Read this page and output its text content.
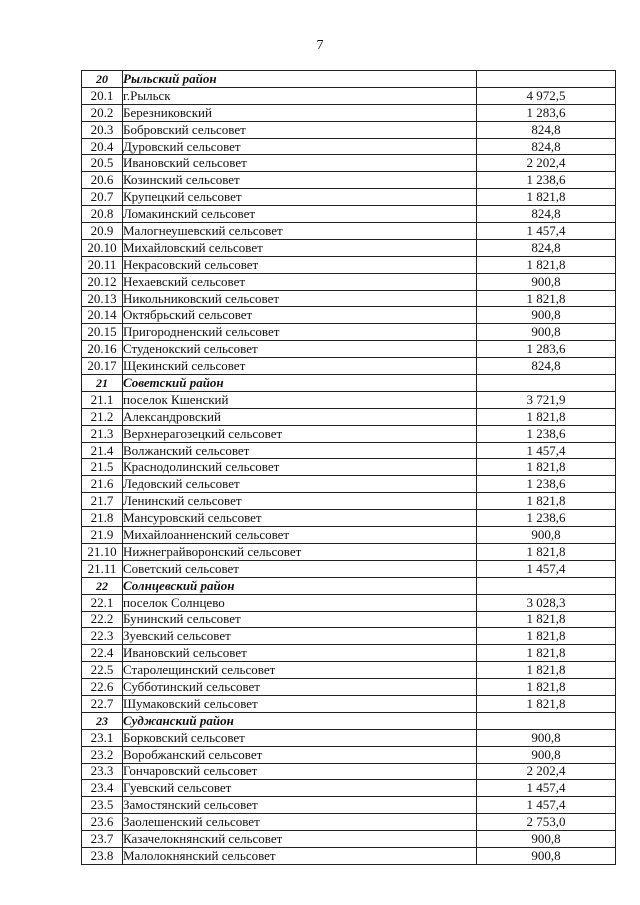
7
20	Рыльский район	
20.1	г.Рыльск	4 972,5
20.2	Березниковский	1 283,6
20.3	Бобровский сельсовет	824,8
20.4	Дуровский сельсовет	824,8
20.5	Ивановский сельсовет	2 202,4
20.6	Козинский сельсовет	1 238,6
20.7	Крупецкий сельсовет	1 821,8
20.8	Ломакинский сельсовет	824,8
20.9	Малогнеушевский сельсовет	1 457,4
20.10	Михайловский сельсовет	824,8
20.11	Некрасовский сельсовет	1 821,8
20.12	Нехаевский сельсовет	900,8
20.13	Никольниковский сельсовет	1 821,8
20.14	Октябрьский сельсовет	900,8
20.15	Пригородненский сельсовет	900,8
20.16	Студенокский сельсовет	1 283,6
20.17	Щекинский сельсовет	824,8
21	Советский район	
21.1	поселок Кшенский	3 721,9
21.2	Александровский	1 821,8
21.3	Верхнерагозецкий сельсовет	1 238,6
21.4	Волжанский сельсовет	1 457,4
21.5	Краснодолинский сельсовет	1 821,8
21.6	Ледовский сельсовет	1 238,6
21.7	Ленинский сельсовет	1 821,8
21.8	Мансуровский сельсовет	1 238,6
21.9	Михайлоанненский сельсовет	900,8
21.10	Нижнеграйворонский сельсовет	1 821,8
21.11	Советский сельсовет	1 457,4
22	Солнцевский район	
22.1	поселок Солнцево	3 028,3
22.2	Бунинский сельсовет	1 821,8
22.3	Зуевский сельсовет	1 821,8
22.4	Ивановский сельсовет	1 821,8
22.5	Старолещинский сельсовет	1 821,8
22.6	Субботинский сельсовет	1 821,8
22.7	Шумаковский сельсовет	1 821,8
23	Суджанский район	
23.1	Борковский сельсовет	900,8
23.2	Воробжанский сельсовет	900,8
23.3	Гончаровский сельсовет	2 202,4
23.4	Гуевский сельсовет	1 457,4
23.5	Замостянский сельсовет	1 457,4
23.6	Заолешенский сельсовет	2 753,0
23.7	Казачелокнянский сельсовет	900,8
23.8	Малолокнянский сельсовет	900,8
